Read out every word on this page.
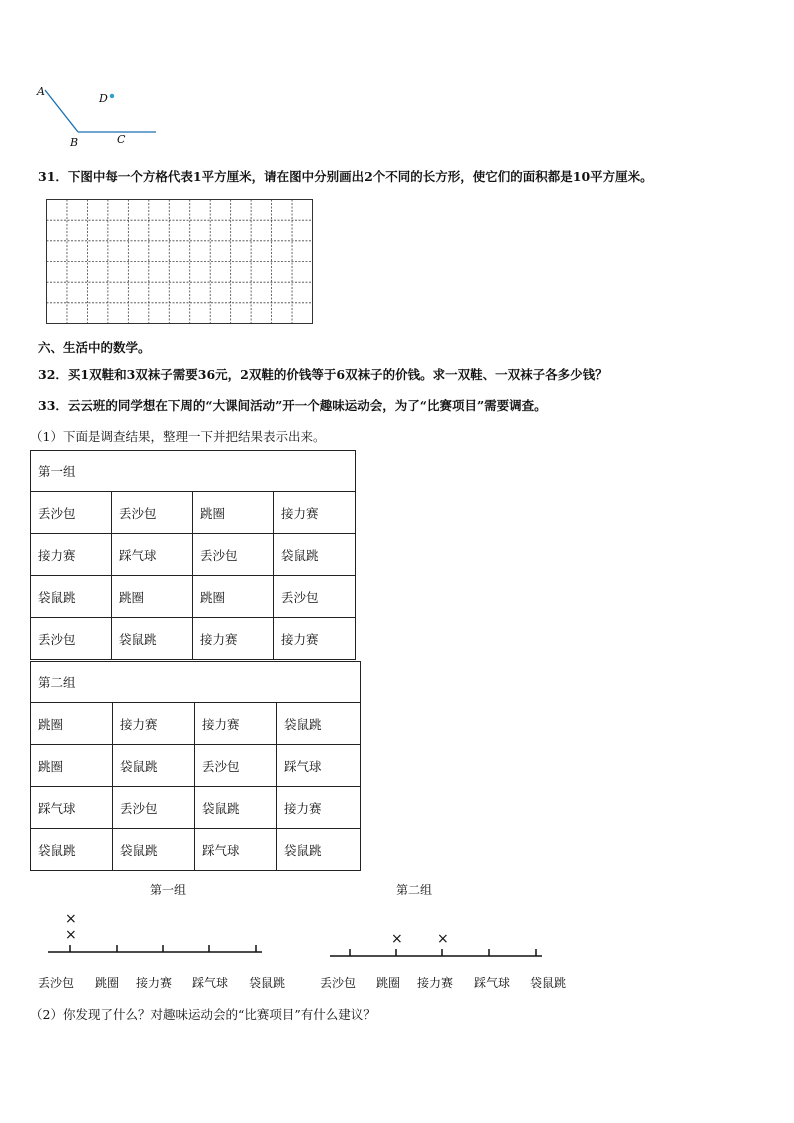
A
D
B	C
31．下图中每一个方格代表1平方厘米，请在图中分别画出2个不同的长方形，使它们的面积都是10平方厘米。
六、生活中的数学。
32．买1双鞋和3双袜子需要36元，2双鞋的价钱等于6双袜子的价钱。求一双鞋、一双袜子各多少钱？
33．云云班的同学想在下周的“大课间活动”开一个趣味运动会，为了“比赛项目”需要调查。
（1）下面是调查结果，整理一下并把结果表示出来。
第一组			
丢沙包	丢沙包	跳圈	接力赛
接力赛	踩气球	丢沙包	袋鼠跳
袋鼠跳	跳圈	跳圈	丢沙包
丢沙包	袋鼠跳	接力赛	接力赛
第二组			
跳圈	接力赛	接力赛	袋鼠跳
跳圈	袋鼠跳	丢沙包	踩气球
踩气球	丢沙包	袋鼠跳	接力赛
袋鼠跳	袋鼠跳	踩气球	袋鼠跳
第一组
丢沙包
×
×
跳圈 接力赛 踩气球 袋鼠跳
第二组
丢沙包 跳圈
×
接力赛
×
踩气球 袋鼠跳
（2）你发现了什么？对趣味运动会的“比赛项目”有什么建议？
